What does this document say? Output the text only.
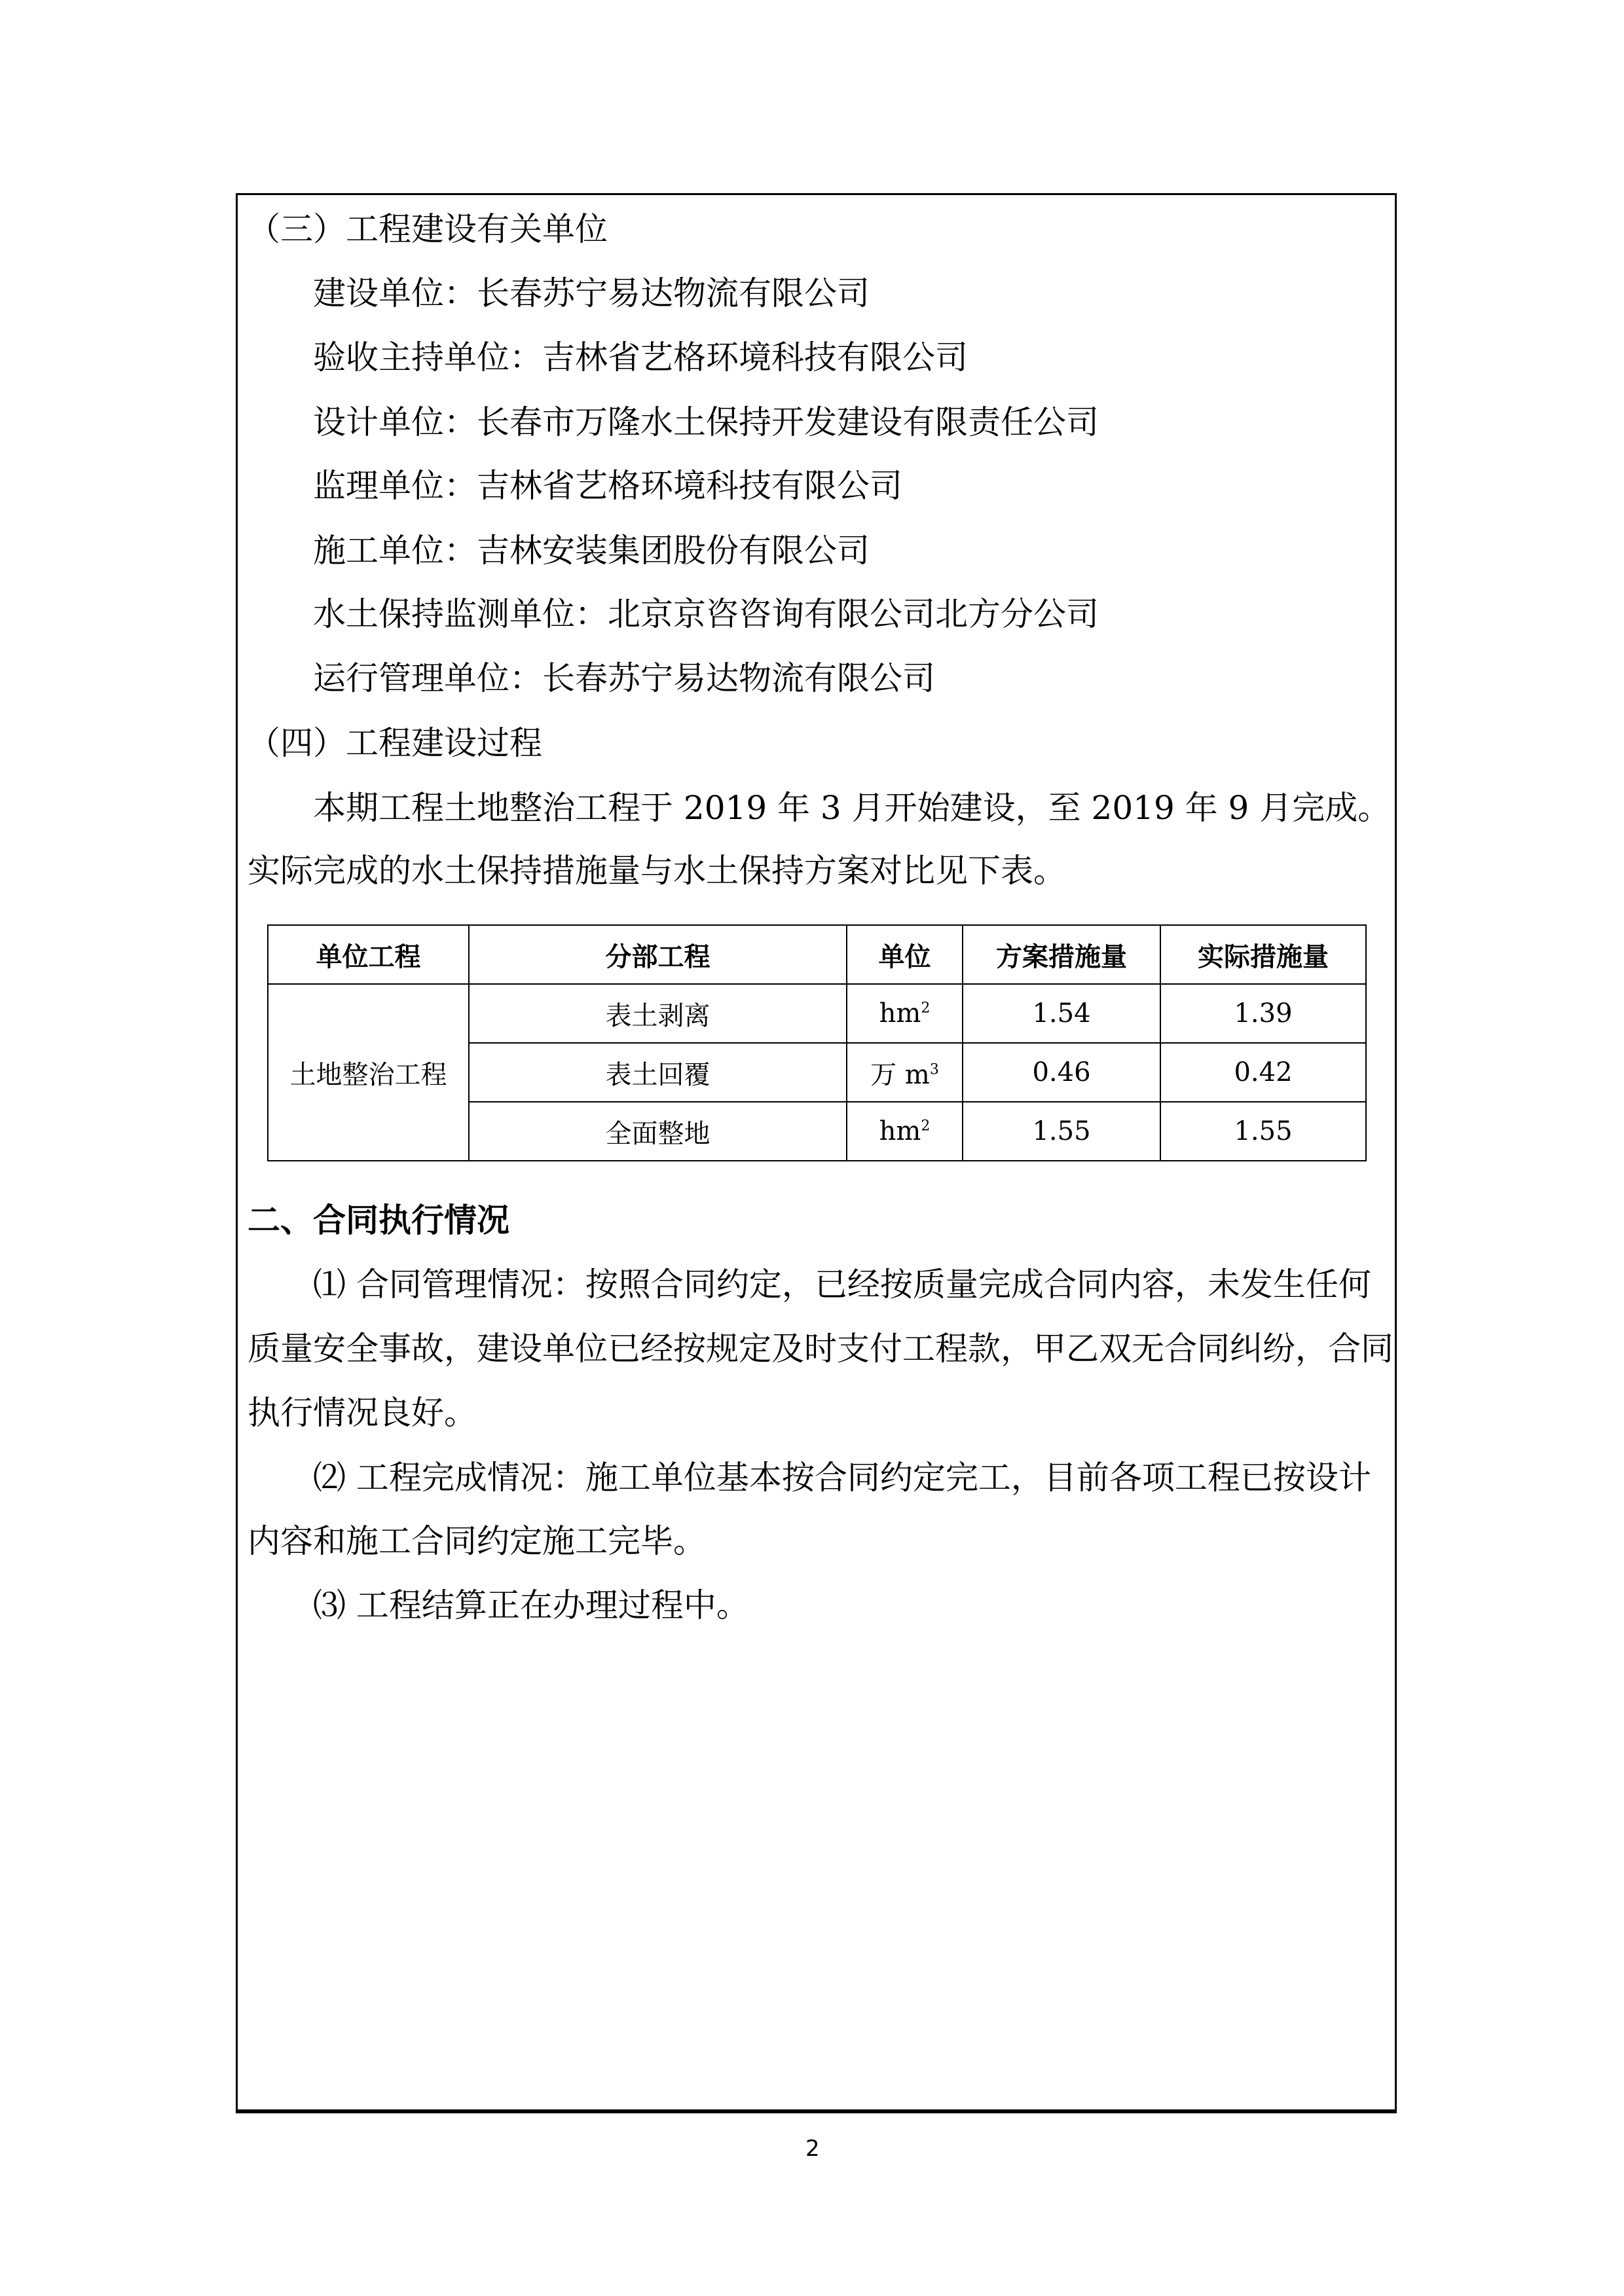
（三）工程建设有关单位
建设单位：长春苏宁易达物流有限公司
验收主持单位：吉林省艺格环境科技有限公司
设计单位：长春市万隆水土保持开发建设有限责任公司
监理单位：吉林省艺格环境科技有限公司
施工单位：吉林安装集团股份有限公司
水土保持监测单位：北京京咨咨询有限公司北方分公司
运行管理单位：长春苏宁易达物流有限公司
（四）工程建设过程
本期工程土地整治工程于 2019 年 3 月开始建设，至 2019 年 9 月完成。
实际完成的水土保持措施量与水土保持方案对比见下表。
单位工程	分部工程	单位	方案措施量	实际措施量
土地整治工程	表土剥离	$hm^2$	1.54	1.39
	表土回覆	万 $m^3$	0.46	0.42
	全面整地	$hm^2$	1.55	1.55
二、合同执行情况
⑴ 合同管理情况：按照合同约定，已经按质量完成合同内容，未发生任何
质量安全事故，建设单位已经按规定及时支付工程款，甲乙双无合同纠纷，合同
执行情况良好。
⑵ 工程完成情况：施工单位基本按合同约定完工，目前各项工程已按设计
内容和施工合同约定施工完毕。
⑶ 工程结算正在办理过程中。
2
